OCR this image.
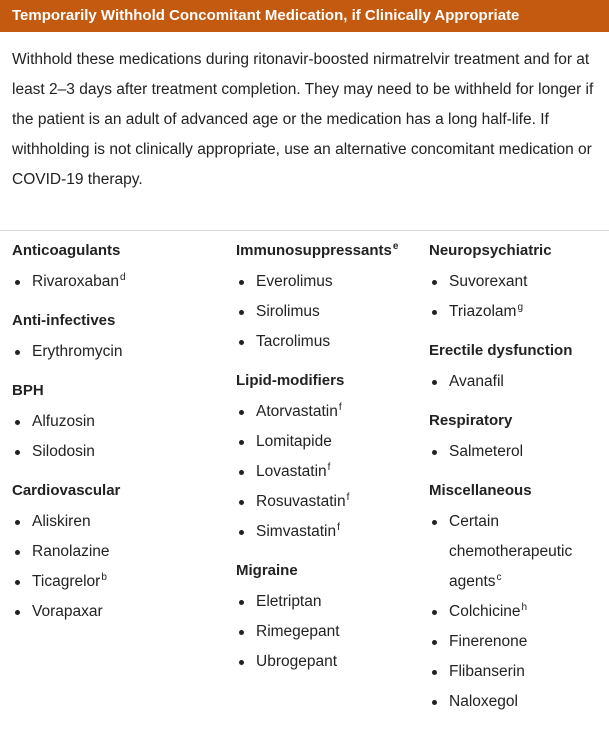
Temporarily Withhold Concomitant Medication, if Clinically Appropriate
Withhold these medications during ritonavir-boosted nirmatrelvir treatment and for at least 2–3 days after treatment completion. They may need to be withheld for longer if the patient is an adult of advanced age or the medication has a long half-life. If withholding is not clinically appropriate, use an alternative concomitant medication or COVID-19 therapy.
Anticoagulants
Rivaroxaban$^d$
Anti-infectives
Erythromycin
BPH
Alfuzosin
Silodosin
Cardiovascular
Aliskiren
Ranolazine
Ticagrelor$^b$
Vorapaxar
Immunosuppressants$^e$
Everolimus
Sirolimus
Tacrolimus
Lipid-modifiers
Atorvastatin$^f$
Lomitapide
Lovastatin$^f$
Rosuvastatin$^f$
Simvastatin$^f$
Migraine
Eletriptan
Rimegepant
Ubrogepant
Neuropsychiatric
Suvorexant
Triazolam$^g$
Erectile dysfunction
Avanafil
Respiratory
Salmeterol
Miscellaneous
Certain chemotherapeutic agents$^c$
Colchicine$^h$
Finerenone
Flibanserin
Naloxegol
